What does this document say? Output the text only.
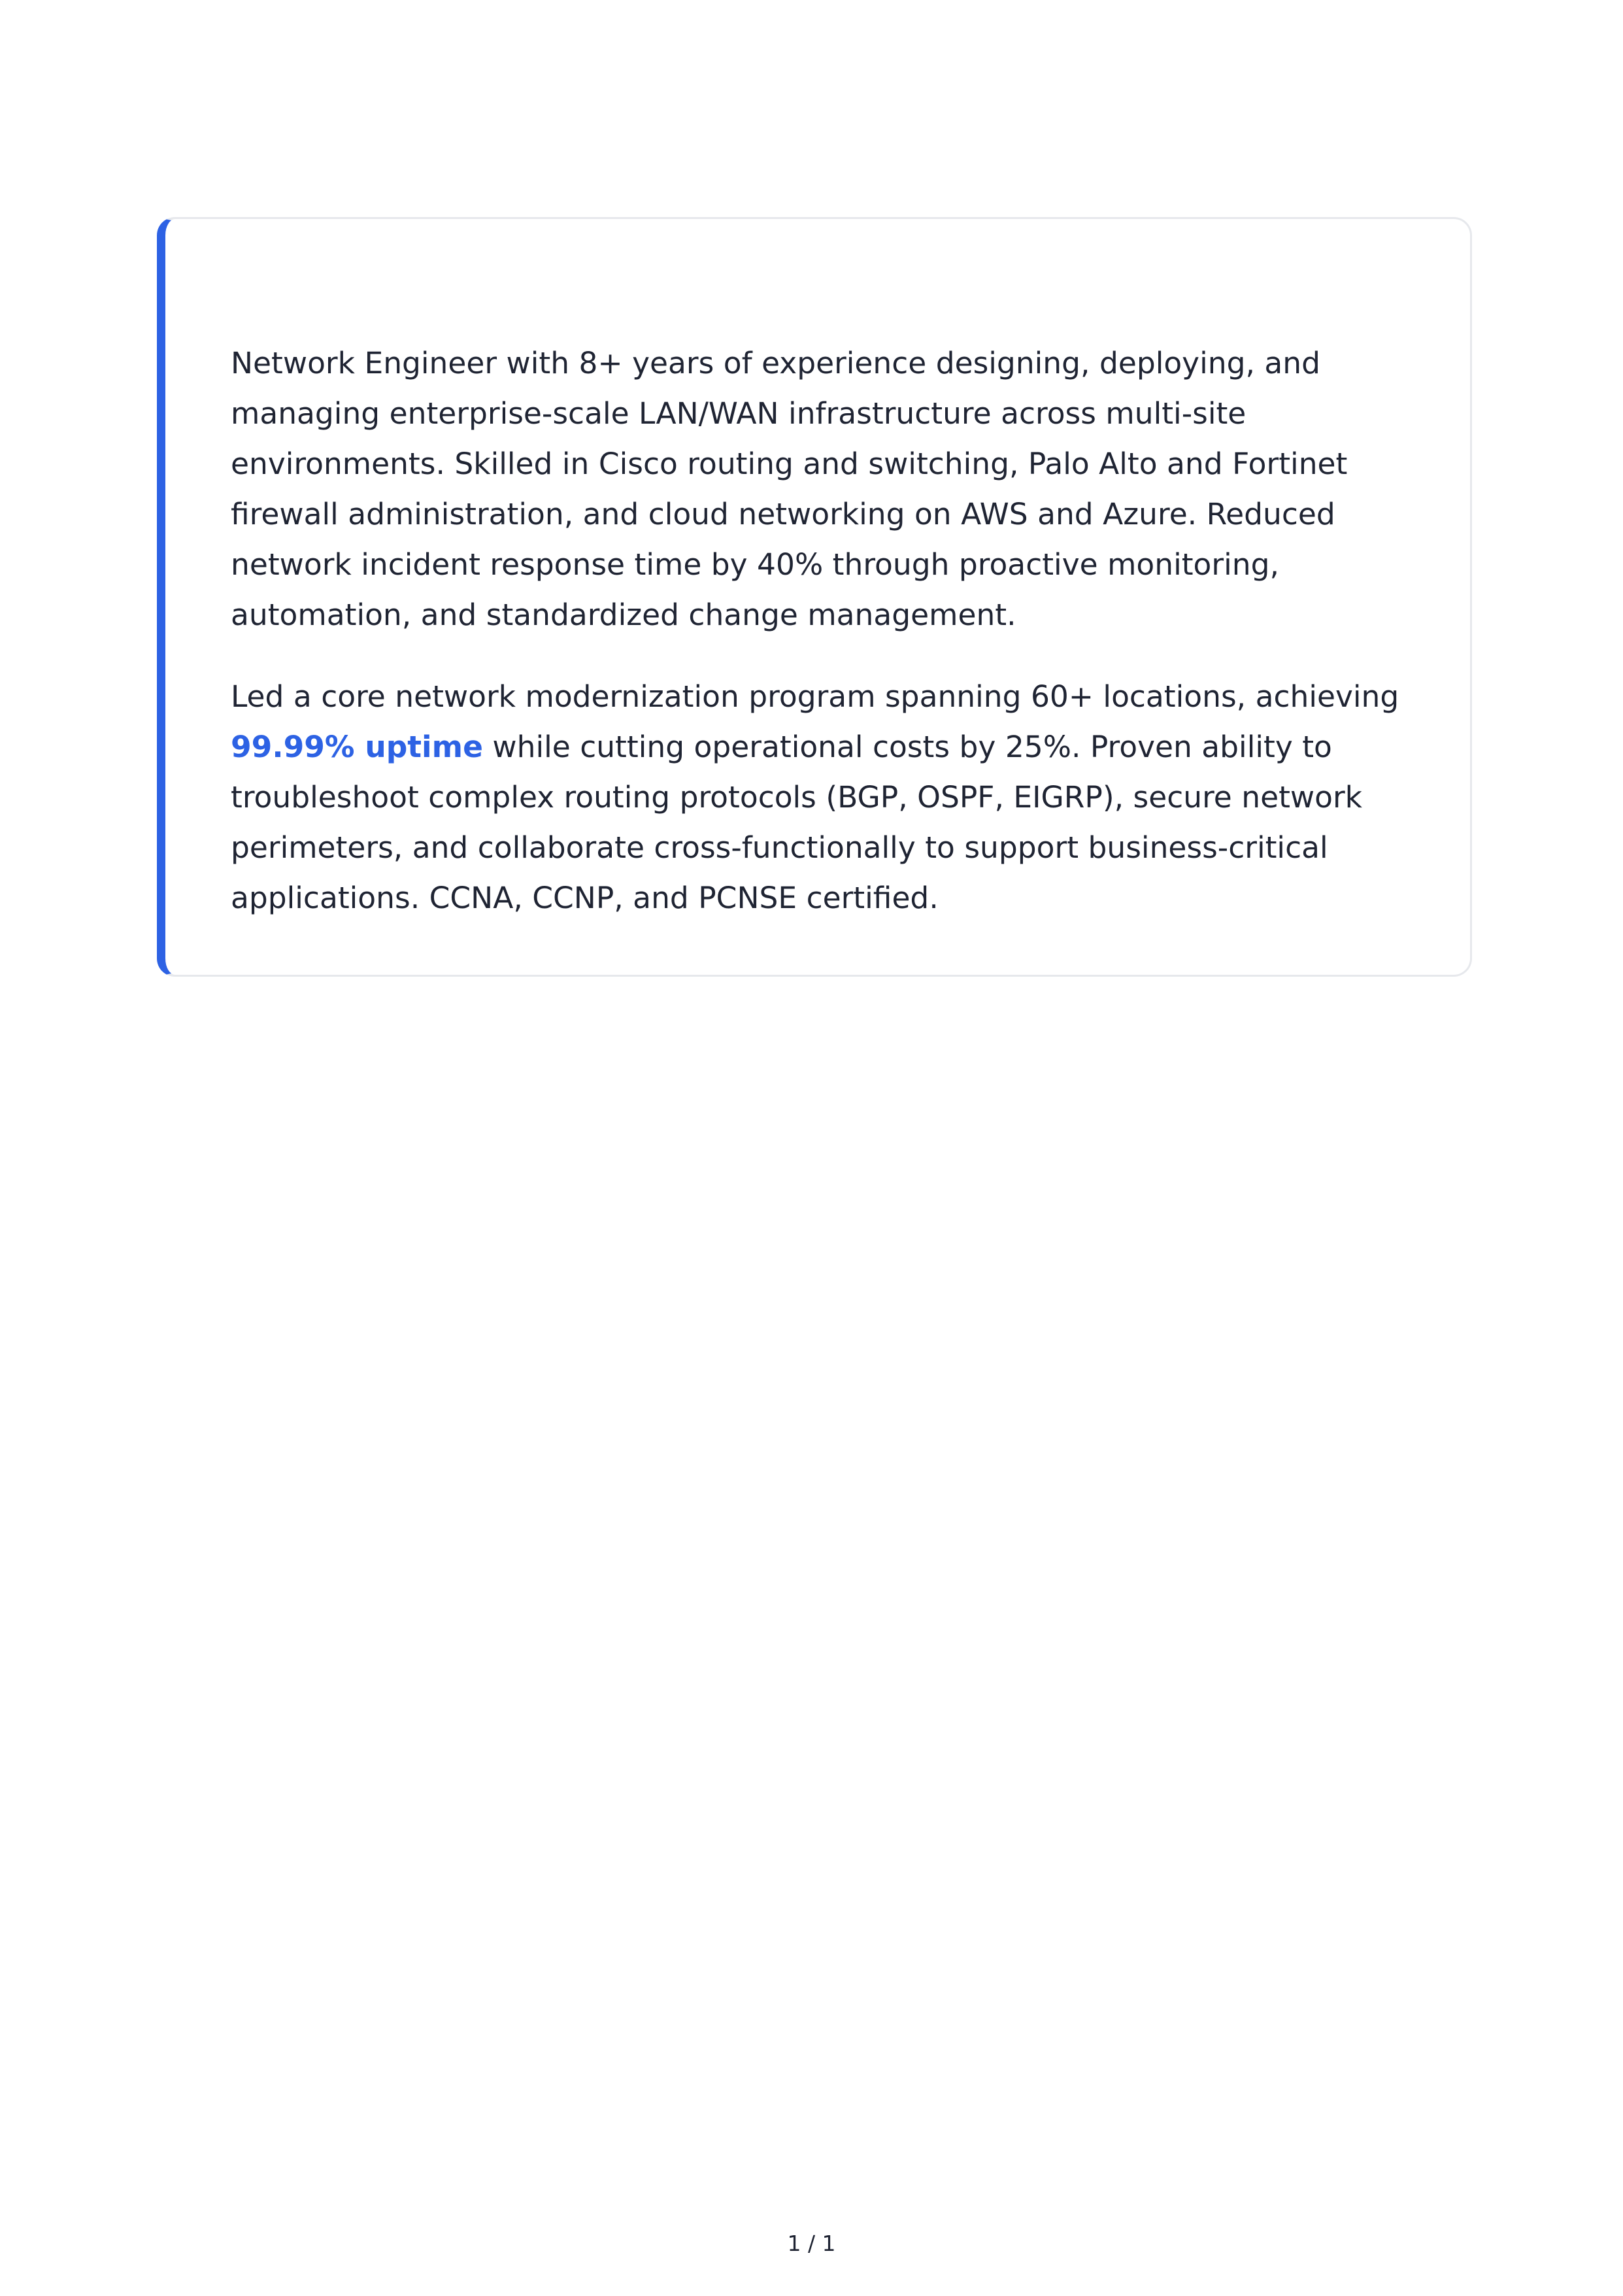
Network Engineer with 8+ years of experience designing, deploying, and managing enterprise-scale LAN/WAN infrastructure across multi-site environments. Skilled in Cisco routing and switching, Palo Alto and Fortinet firewall administration, and cloud networking on AWS and Azure. Reduced network incident response time by 40% through proactive monitoring, automation, and standardized change management.

Led a core network modernization program spanning 60+ locations, achieving 99.99% uptime while cutting operational costs by 25%. Proven ability to troubleshoot complex routing protocols (BGP, OSPF, EIGRP), secure network perimeters, and collaborate cross-functionally to support business-critical applications. CCNA, CCNP, and PCNSE certified.

1 / 1
